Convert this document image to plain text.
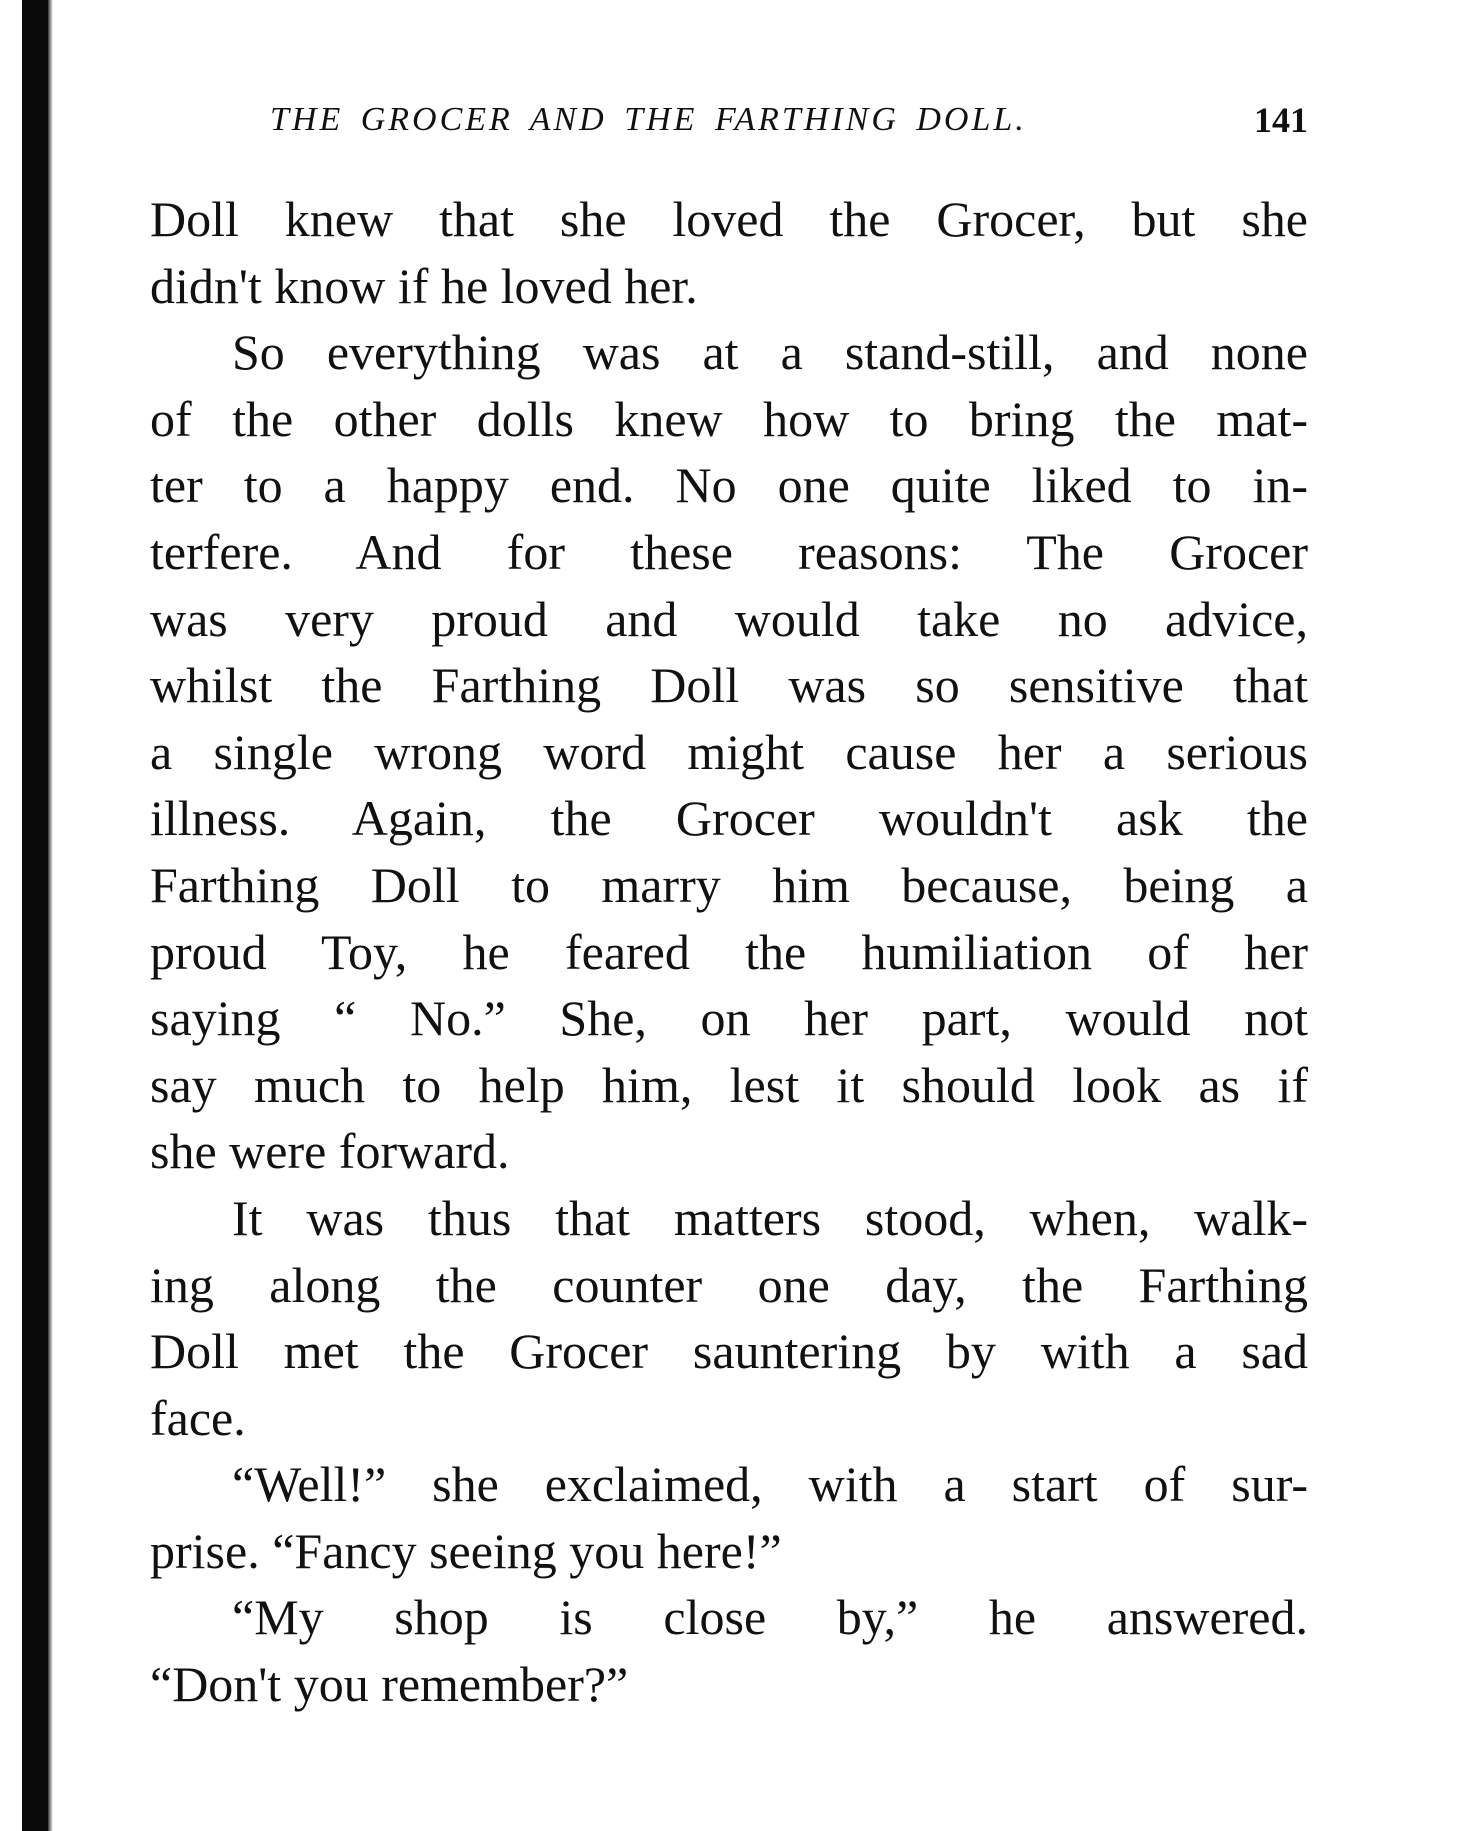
THE GROCER AND THE FARTHING DOLL.	141
Doll knew that she loved the Grocer, but she
didn't know if he loved her.
So everything was at a stand-still, and none
of the other dolls knew how to bring the mat-
ter to a happy end. No one quite liked to in-
terfere. And for these reasons: The Grocer
was very proud and would take no advice,
whilst the Farthing Doll was so sensitive that
a single wrong word might cause her a serious
illness. Again, the Grocer wouldn't ask the
Farthing Doll to marry him because, being a
proud Toy, he feared the humiliation of her
saying “ No.” She, on her part, would not
say much to help him, lest it should look as if
she were forward.
It was thus that matters stood, when, walk-
ing along the counter one day, the Farthing
Doll met the Grocer sauntering by with a sad
face.
“Well!” she exclaimed, with a start of sur-
prise. “Fancy seeing you here!”
“My shop is close by,” he answered.
“Don't you remember?”
